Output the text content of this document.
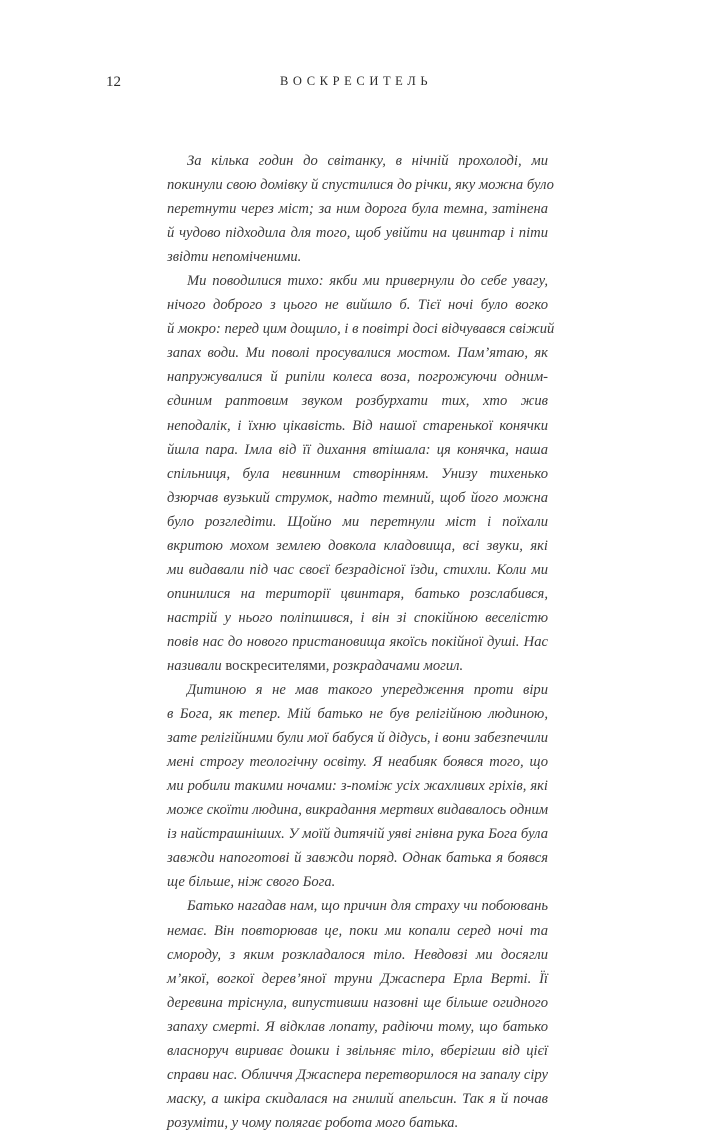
12	ВОСКРЕСИТЕЛЬ
За кілька годин до світанку, в нічній прохолоді, ми
покинули свою домівку й спустилися до річки, яку можна було
перетнути через міст; за ним дорога була темна, затінена
й чудово підходила для того, щоб увійти на цвинтар і піти
звідти непоміченими.
Ми поводилися тихо: якби ми привернули до себе увагу,
нічого доброго з цього не вийшло б. Тієї ночі було вогко
й мокро: перед цим дощило, і в повітрі досі відчувався свіжий
запах води. Ми поволі просувалися мостом. Пам’ятаю, як
напружувалися й рипіли колеса воза, погрожуючи одним-
єдиним раптовим звуком розбурхати тих, хто жив
неподалік, і їхню цікавість. Від нашої старенької конячки
йшла пара. Імла від її дихання втішала: ця конячка, наша
спільниця, була невинним створінням. Унизу тихенько
дзюрчав вузький струмок, надто темний, щоб його можна
було розгледіти. Щойно ми перетнули міст і поїхали
вкритою мохом землею довкола кладовища, всі звуки, які
ми видавали під час своєї безрадісної їзди, стихли. Коли ми
опинилися на території цвинтаря, батько розслабився,
настрій у нього поліпшився, і він зі спокійною веселістю
повів нас до нового пристановища якоїсь покійної душі. Нас
називали воскресителями, розкрадачами могил.
Дитиною я не мав такого упередження проти віри
в Бога, як тепер. Мій батько не був релігійною людиною,
зате релігійними були мої бабуся й дідусь, і вони забезпечили
мені строгу теологічну освіту. Я неабияк боявся того, що
ми робили такими ночами: з-поміж усіх жахливих гріхів, які
може скоїти людина, викрадання мертвих видавалось одним
із найстрашніших. У моїй дитячій уяві гнівна рука Бога була
завжди напоготові й завжди поряд. Однак батька я боявся
ще більше, ніж свого Бога.
Батько нагадав нам, що причин для страху чи побоювань
немає. Він повторював це, поки ми копали серед ночі та
смороду, з яким розкладалося тіло. Невдовзі ми досягли
м’якої, вогкої дерев’яної труни Джаспера Ерла Верті. Її
деревина тріснула, випустивши назовні ще більше огидного
запаху смерті. Я відклав лопату, радіючи тому, що батько
власноруч вириває дошки і звільняє тіло, вберігши від цієї
справи нас. Обличчя Джаспера перетворилося на запалу сіру
маску, а шкіра скидалася на гнилий апельсин. Так я й почав
розуміти, у чому полягає робота мого батька.
